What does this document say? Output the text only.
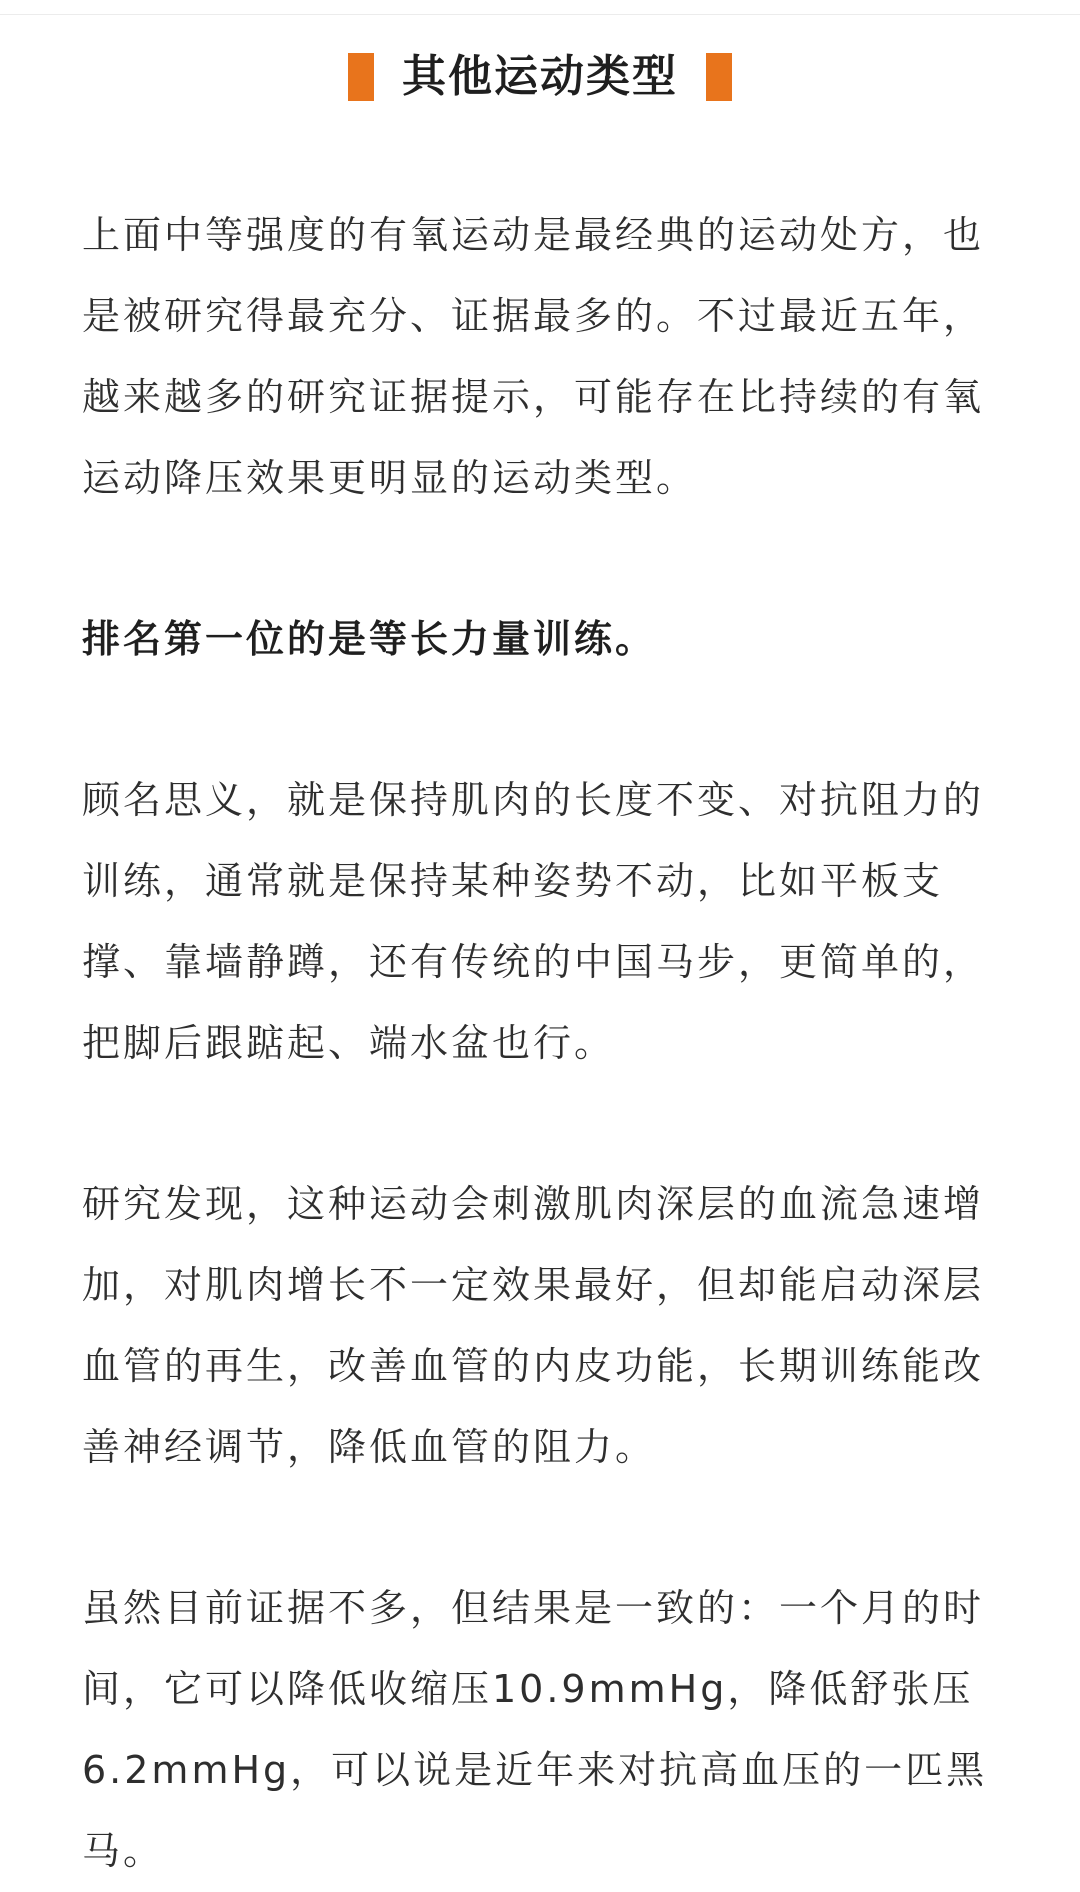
其他运动类型

上面中等强度的有氧运动是最经典的运动处方，也是被研究得最充分、证据最多的。不过最近五年，越来越多的研究证据提示，可能存在比持续的有氧运动降压效果更明显的运动类型。

排名第一位的是等长力量训练。

顾名思义，就是保持肌肉的长度不变、对抗阻力的训练，通常就是保持某种姿势不动，比如平板支撑、靠墙静蹲，还有传统的中国马步，更简单的，把脚后跟踮起、端水盆也行。

研究发现，这种运动会刺激肌肉深层的血流急速增加，对肌肉增长不一定效果最好，但却能启动深层血管的再生，改善血管的内皮功能，长期训练能改善神经调节，降低血管的阻力。

虽然目前证据不多，但结果是一致的：一个月的时间，它可以降低收缩压10.9mmHg，降低舒张压6.2mmHg，可以说是近年来对抗高血压的一匹黑马。
